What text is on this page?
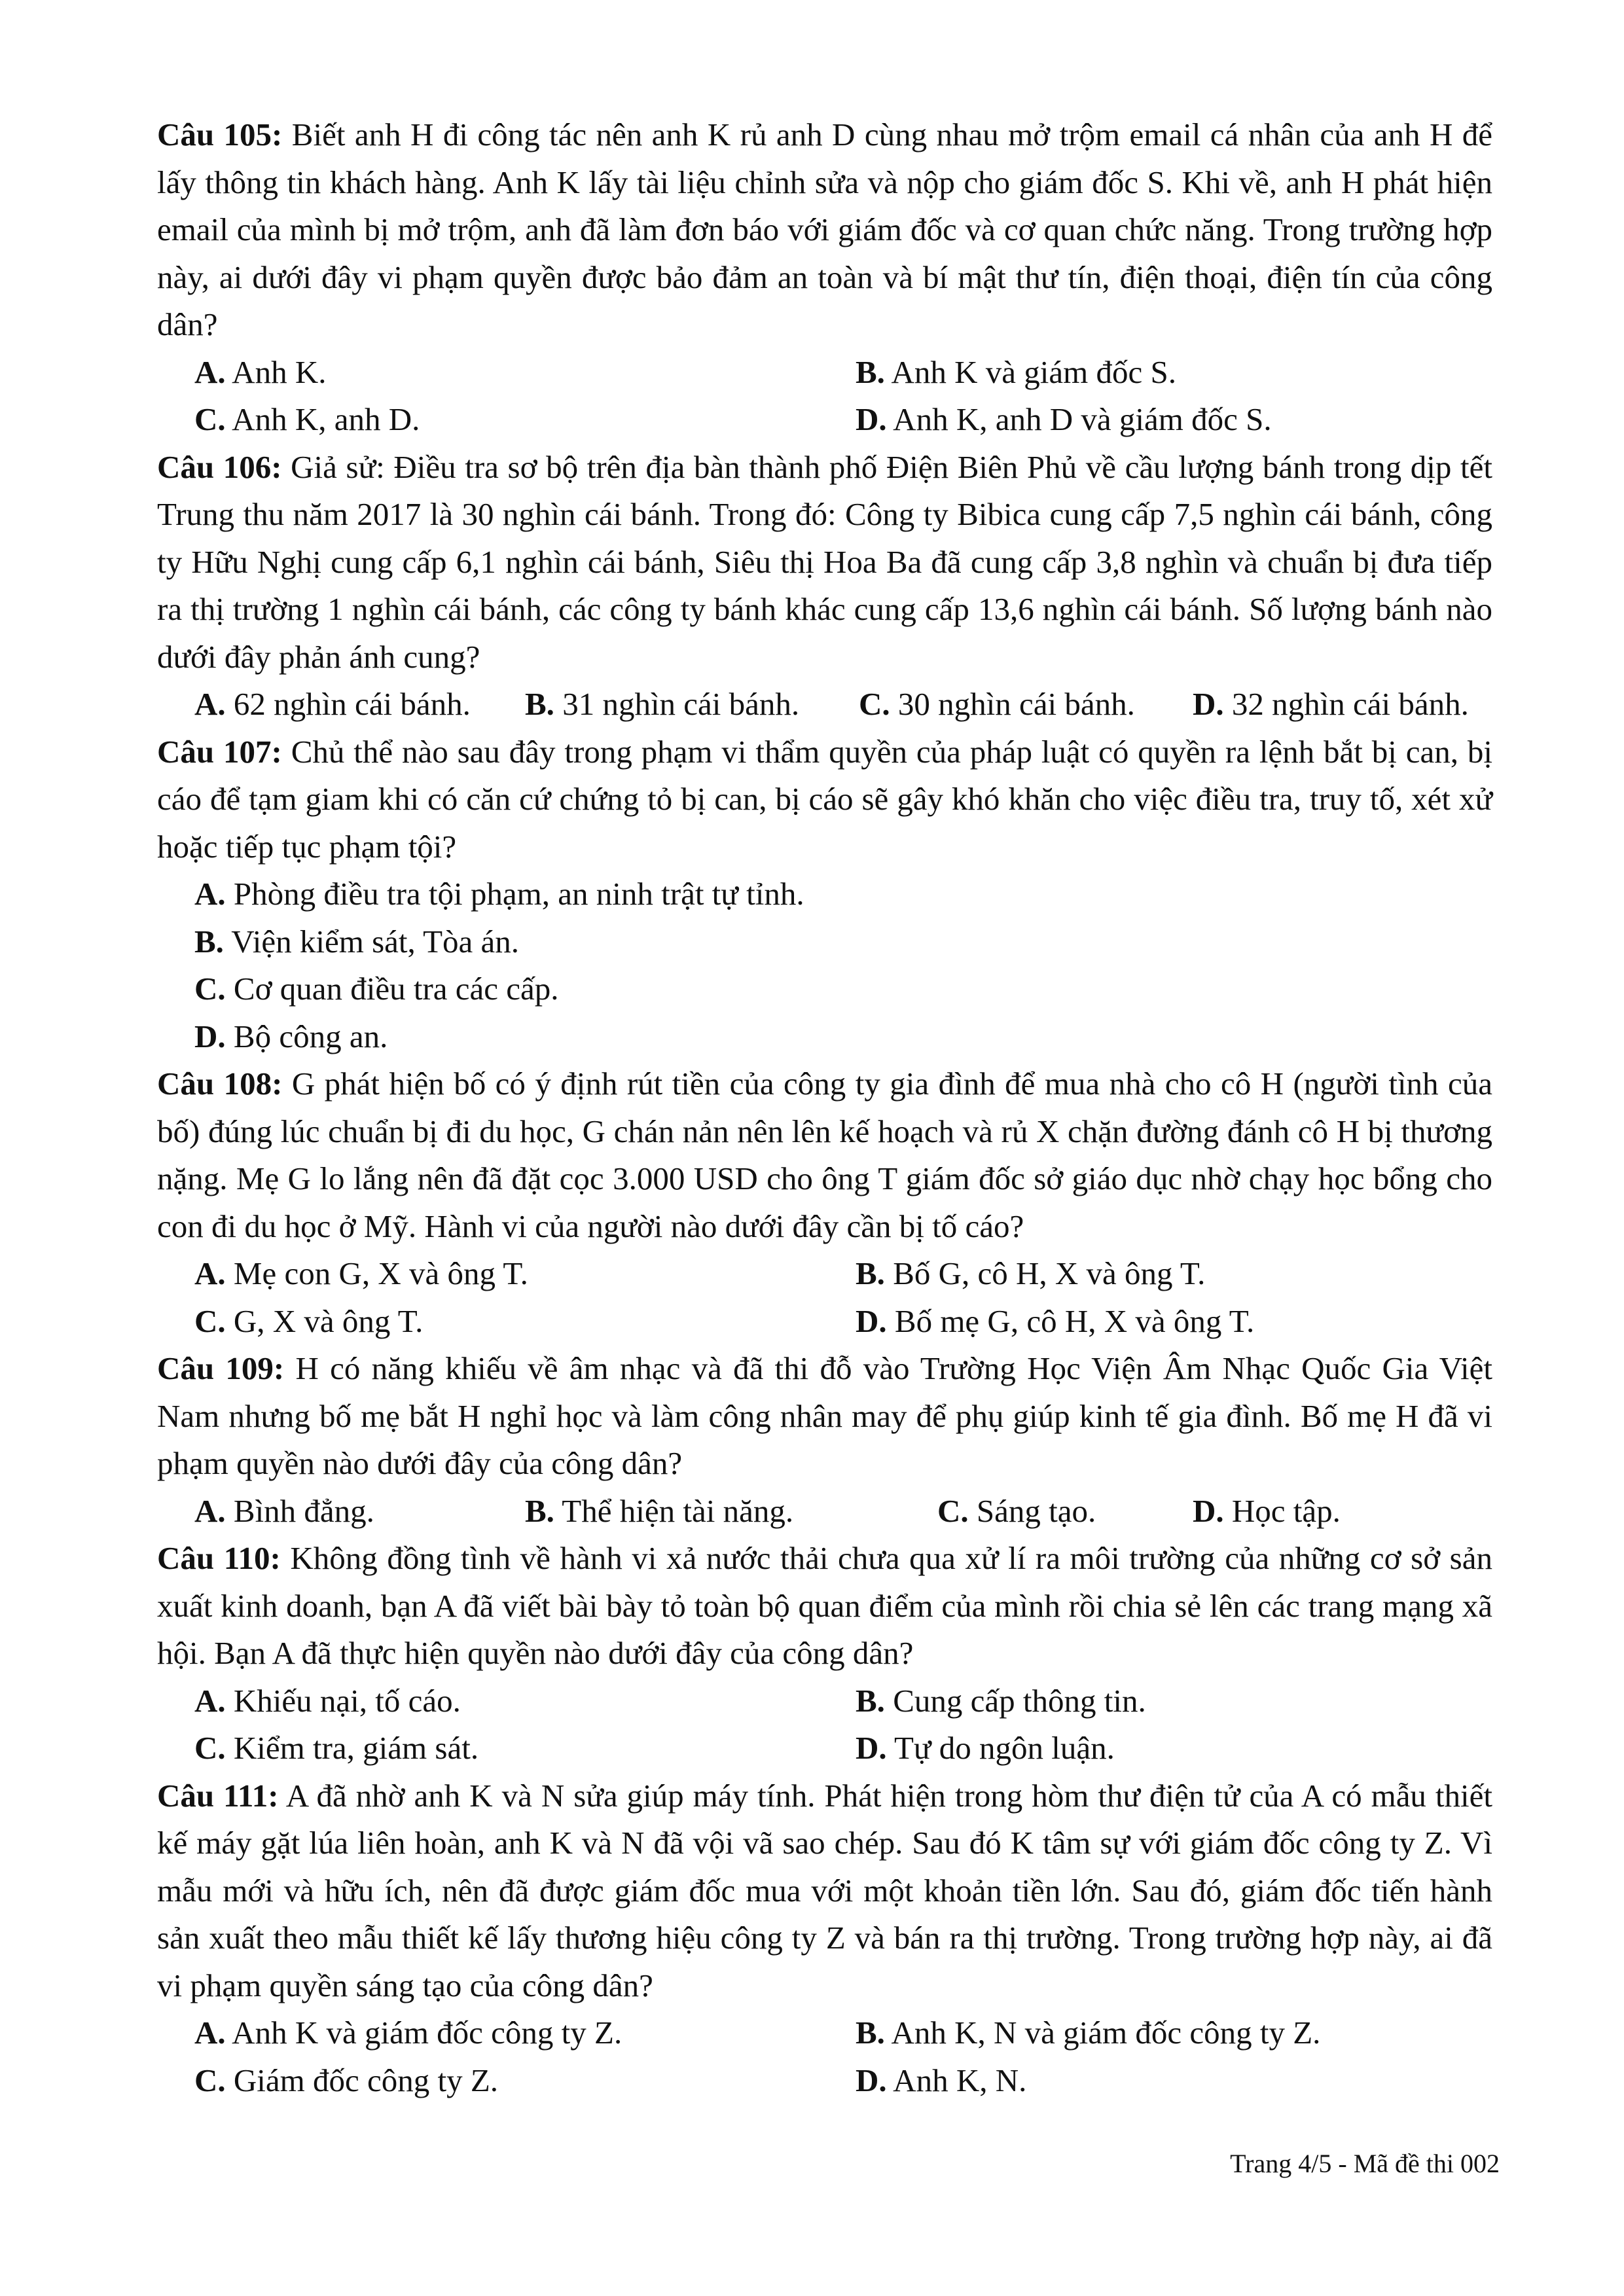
Câu 105: Biết anh H đi công tác nên anh K rủ anh D cùng nhau mở trộm email cá nhân của anh H để lấy thông tin khách hàng. Anh K lấy tài liệu chỉnh sửa và nộp cho giám đốc S. Khi về, anh H phát hiện email của mình bị mở trộm, anh đã làm đơn báo với giám đốc và cơ quan chức năng. Trong trường hợp này, ai dưới đây vi phạm quyền được bảo đảm an toàn và bí mật thư tín, điện thoại, điện tín của công dân?
A. Anh K.	B. Anh K và giám đốc S.
C. Anh K, anh D.	D. Anh K, anh D và giám đốc S.
Câu 106: Giả sử: Điều tra sơ bộ trên địa bàn thành phố Điện Biên Phủ về cầu lượng bánh trong dịp tết Trung thu năm 2017 là 30 nghìn cái bánh. Trong đó: Công ty Bibica cung cấp 7,5 nghìn cái bánh, công ty Hữu Nghị cung cấp 6,1 nghìn cái bánh, Siêu thị Hoa Ba đã cung cấp 3,8 nghìn và chuẩn bị đưa tiếp ra thị trường 1 nghìn cái bánh, các công ty bánh khác cung cấp 13,6 nghìn cái bánh. Số lượng bánh nào dưới đây phản ánh cung?
A. 62 nghìn cái bánh.	B. 31 nghìn cái bánh.	C. 30 nghìn cái bánh.	D. 32 nghìn cái bánh.
Câu 107: Chủ thể nào sau đây trong phạm vi thẩm quyền của pháp luật có quyền ra lệnh bắt bị can, bị cáo để tạm giam khi có căn cứ chứng tỏ bị can, bị cáo sẽ gây khó khăn cho việc điều tra, truy tố, xét xử hoặc tiếp tục phạm tội?
A. Phòng điều tra tội phạm, an ninh trật tự tỉnh.
B. Viện kiểm sát, Tòa án.
C. Cơ quan điều tra các cấp.
D. Bộ công an.
Câu 108: G phát hiện bố có ý định rút tiền của công ty gia đình để mua nhà cho cô H (người tình của bố) đúng lúc chuẩn bị đi du học, G chán nản nên lên kế hoạch và rủ X chặn đường đánh cô H bị thương nặng. Mẹ G lo lắng nên đã đặt cọc 3.000 USD cho ông T giám đốc sở giáo dục nhờ chạy học bổng cho con đi du học ở Mỹ. Hành vi của người nào dưới đây cần bị tố cáo?
A. Mẹ con G, X và ông T.	B. Bố G, cô H, X và ông T.
C. G, X và ông T.	D. Bố mẹ G, cô H, X và ông T.
Câu 109: H có năng khiếu về âm nhạc và đã thi đỗ vào Trường Học Viện Âm Nhạc Quốc Gia Việt Nam nhưng bố mẹ bắt H nghỉ học và làm công nhân may để phụ giúp kinh tế gia đình. Bố mẹ H đã vi phạm quyền nào dưới đây của công dân?
A. Bình đẳng.	B. Thể hiện tài năng.	C. Sáng tạo.	D. Học tập.
Câu 110: Không đồng tình về hành vi xả nước thải chưa qua xử lí ra môi trường của những cơ sở sản xuất kinh doanh, bạn A đã viết bài bày tỏ toàn bộ quan điểm của mình rồi chia sẻ lên các trang mạng xã hội. Bạn A đã thực hiện quyền nào dưới đây của công dân?
A. Khiếu nại, tố cáo.	B. Cung cấp thông tin.
C. Kiểm tra, giám sát.	D. Tự do ngôn luận.
Câu 111: A đã nhờ anh K và N sửa giúp máy tính. Phát hiện trong hòm thư điện tử của A có mẫu thiết kế máy gặt lúa liên hoàn, anh K và N đã vội vã sao chép. Sau đó K tâm sự với giám đốc công ty Z. Vì mẫu mới và hữu ích, nên đã được giám đốc mua với một khoản tiền lớn. Sau đó, giám đốc tiến hành sản xuất theo mẫu thiết kế lấy thương hiệu công ty Z và bán ra thị trường. Trong trường hợp này, ai đã vi phạm quyền sáng tạo của công dân?
A. Anh K và giám đốc công ty Z.	B. Anh K, N và giám đốc công ty Z.
C. Giám đốc công ty Z.	D. Anh K, N.
Trang 4/5 - Mã đề thi 002
